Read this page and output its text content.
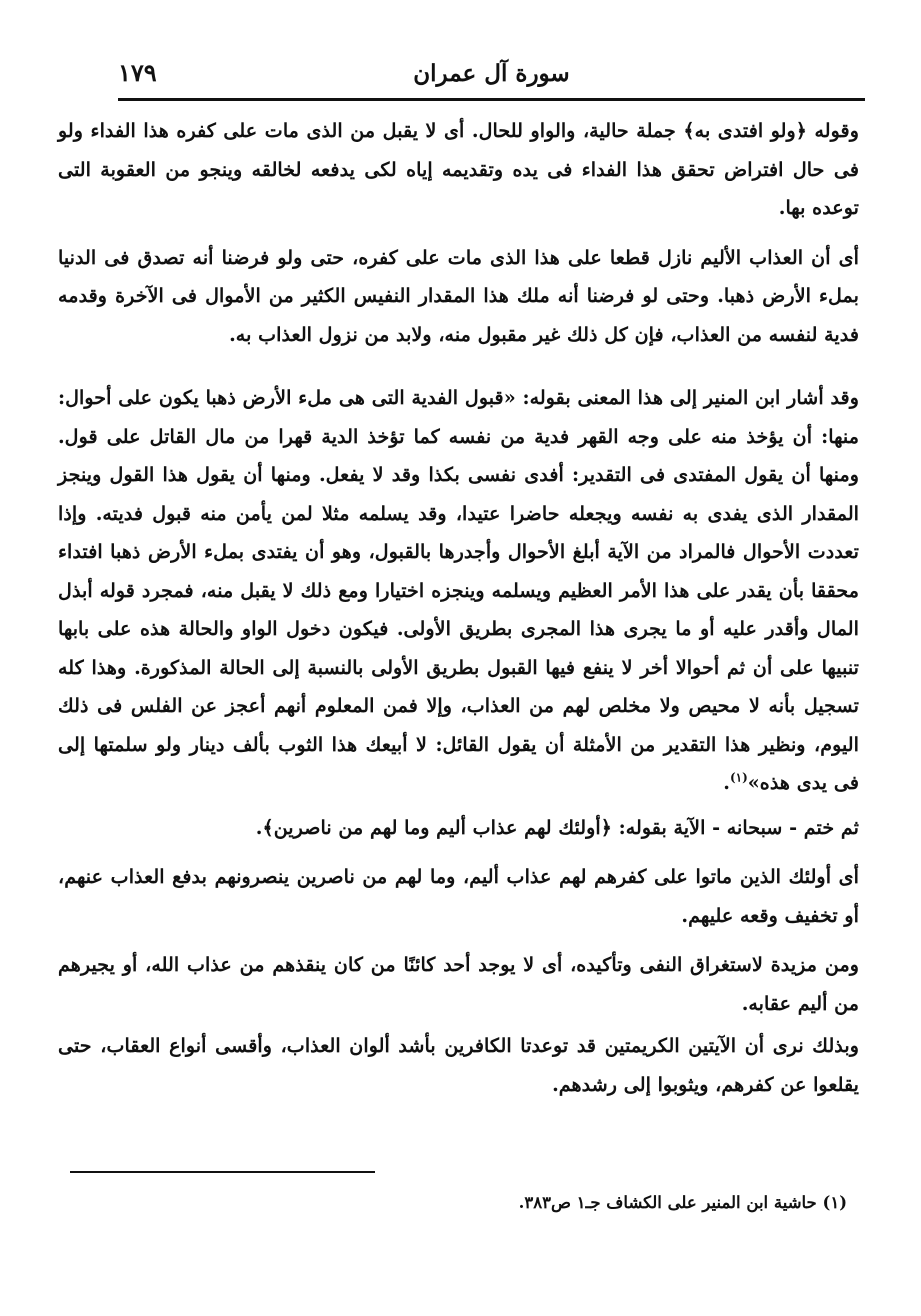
١٧٩	سورة آل عمران

وقوله ﴿ولو افتدى به﴾ جملة حالية، والواو للحال. أى لا يقبل من الذى مات على كفره هذا الفداء ولو فى حال افتراض تحقق هذا الفداء فى يده وتقديمه إياه لكى يدفعه لخالقه وينجو من العقوبة التى توعده بها.

أى أن العذاب الأليم نازل قطعا على هذا الذى مات على كفره، حتى ولو فرضنا أنه تصدق فى الدنيا بملء الأرض ذهبا. وحتى لو فرضنا أنه ملك هذا المقدار النفيس الكثير من الأموال فى الآخرة وقدمه فدية لنفسه من العذاب، فإن كل ذلك غير مقبول منه، ولابد من نزول العذاب به.

وقد أشار ابن المنير إلى هذا المعنى بقوله: «قبول الفدية التى هى ملء الأرض ذهبا يكون على أحوال: منها: أن يؤخذ منه على وجه القهر فدية من نفسه كما تؤخذ الدية قهرا من مال القاتل على قول. ومنها أن يقول المفتدى فى التقدير: أفدى نفسى بكذا وقد لا يفعل. ومنها أن يقول هذا القول وينجز المقدار الذى يفدى به نفسه ويجعله حاضرا عتيدا، وقد يسلمه مثلا لمن يأمن منه قبول فديته. وإذا تعددت الأحوال فالمراد من الآية أبلغ الأحوال وأجدرها بالقبول، وهو أن يفتدى بملء الأرض ذهبا افتداء محققا بأن يقدر على هذا الأمر العظيم ويسلمه وينجزه اختيارا ومع ذلك لا يقبل منه، فمجرد قوله أبذل المال وأقدر عليه أو ما يجرى هذا المجرى بطريق الأولى. فيكون دخول الواو والحالة هذه على بابها تنبيها على أن ثم أحوالا أخر لا ينفع فيها القبول بطريق الأولى بالنسبة إلى الحالة المذكورة. وهذا كله تسجيل بأنه لا محيص ولا مخلص لهم من العذاب، وإلا فمن المعلوم أنهم أعجز عن الفلس فى ذلك اليوم، ونظير هذا التقدير من الأمثلة أن يقول القائل: لا أبيعك هذا الثوب بألف دينار ولو سلمتها إلى فى يدى هذه»$^{(١)}$.

ثم ختم - سبحانه - الآية بقوله: ﴿أولئك لهم عذاب أليم وما لهم من ناصرين﴾.

أى أولئك الذين ماتوا على كفرهم لهم عذاب أليم، وما لهم من ناصرين ينصرونهم بدفع العذاب عنهم، أو تخفيف وقعه عليهم.

ومن مزيدة لاستغراق النفى وتأكيده، أى لا يوجد أحد كائنًا من كان ينقذهم من عذاب الله، أو يجيرهم من أليم عقابه.

وبذلك نرى أن الآيتين الكريمتين قد توعدتا الكافرين بأشد ألوان العذاب، وأقسى أنواع العقاب، حتى يقلعوا عن كفرهم، ويثوبوا إلى رشدهم.

(١) حاشية ابن المنير على الكشاف جـ١ ص٣٨٣.
